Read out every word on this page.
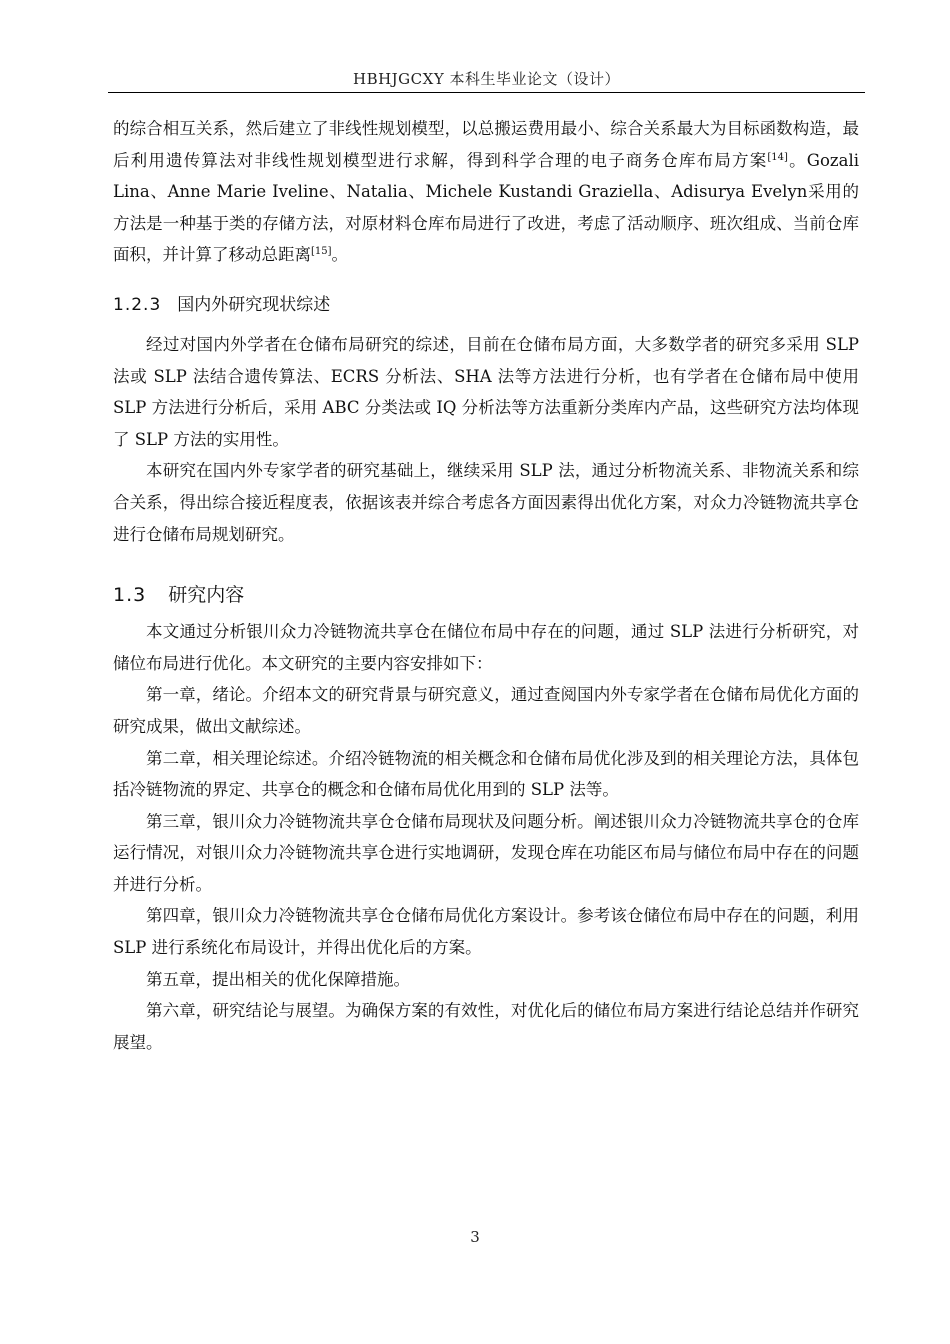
HBHJGCXY 本科生毕业论文（设计）

的综合相互关系，然后建立了非线性规划模型，以总搬运费用最小、综合关系最大为目标函数构造，最后利用遗传算法对非线性规划模型进行求解，得到科学合理的电子商务仓库布局方案[14]。Gozali Lina、Anne Marie Iveline、Natalia、Michele Kustandi Graziella、Adisurya Evelyn采用的方法是一种基于类的存储方法，对原材料仓库布局进行了改进，考虑了活动顺序、班次组成、当前仓库面积，并计算了移动总距离[15]。

1.2.3 国内外研究现状综述

经过对国内外学者在仓储布局研究的综述，目前在仓储布局方面，大多数学者的研究多采用 SLP 法或 SLP 法结合遗传算法、ECRS 分析法、SHA 法等方法进行分析，也有学者在仓储布局中使用 SLP 方法进行分析后，采用 ABC 分类法或 IQ 分析法等方法重新分类库内产品，这些研究方法均体现了 SLP 方法的实用性。

本研究在国内外专家学者的研究基础上，继续采用 SLP 法，通过分析物流关系、非物流关系和综合关系，得出综合接近程度表，依据该表并综合考虑各方面因素得出优化方案，对众力冷链物流共享仓进行仓储布局规划研究。

1.3 研究内容

本文通过分析银川众力冷链物流共享仓在储位布局中存在的问题，通过 SLP 法进行分析研究，对储位布局进行优化。本文研究的主要内容安排如下：

第一章，绪论。介绍本文的研究背景与研究意义，通过查阅国内外专家学者在仓储布局优化方面的研究成果，做出文献综述。

第二章，相关理论综述。介绍冷链物流的相关概念和仓储布局优化涉及到的相关理论方法，具体包括冷链物流的界定、共享仓的概念和仓储布局优化用到的 SLP 法等。

第三章，银川众力冷链物流共享仓仓储布局现状及问题分析。阐述银川众力冷链物流共享仓的仓库运行情况，对银川众力冷链物流共享仓进行实地调研，发现仓库在功能区布局与储位布局中存在的问题并进行分析。

第四章，银川众力冷链物流共享仓仓储布局优化方案设计。参考该仓储位布局中存在的问题，利用 SLP 进行系统化布局设计，并得出优化后的方案。

第五章，提出相关的优化保障措施。

第六章，研究结论与展望。为确保方案的有效性，对优化后的储位布局方案进行结论总结并作研究展望。

3
